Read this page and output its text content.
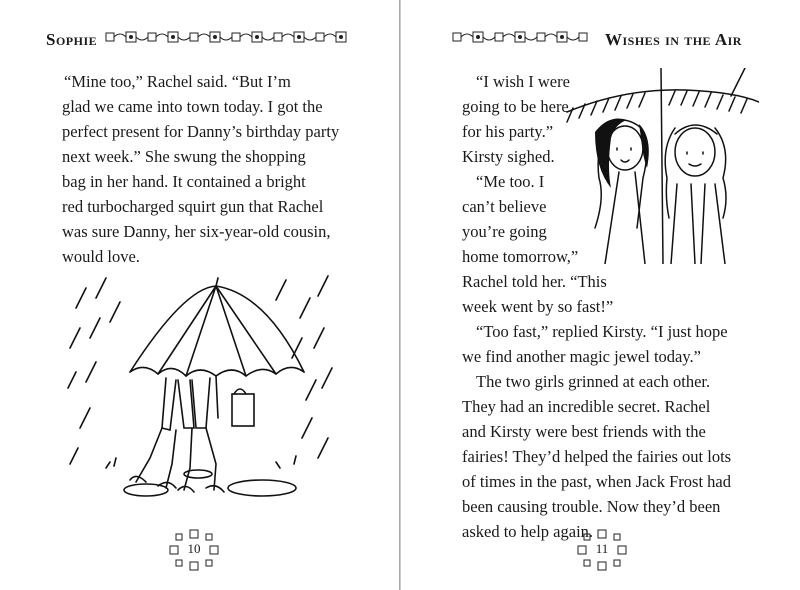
Sophie
“Mine too,” Rachel said. “But I’m
glad we came into town today. I got the
perfect present for Danny’s birthday party
next week.” She swung the shopping
bag in her hand. It contained a bright
red turbocharged squirt gun that Rachel
was sure Danny, her six-year-old cousin,
would love.
10
Wishes in the Air
“I wish I were
going to be here
for his party.”
Kirsty sighed.
“Me too. I
can’t believe
you’re going
home tomorrow,”
Rachel told her. “This
week went by so fast!”
“Too fast,” replied Kirsty. “I just hope
we find another magic jewel today.”
The two girls grinned at each other.
They had an incredible secret. Rachel
and Kirsty were best friends with the
fairies! They’d helped the fairies out lots
of times in the past, when Jack Frost had
been causing trouble. Now they’d been
asked to help again.
11
